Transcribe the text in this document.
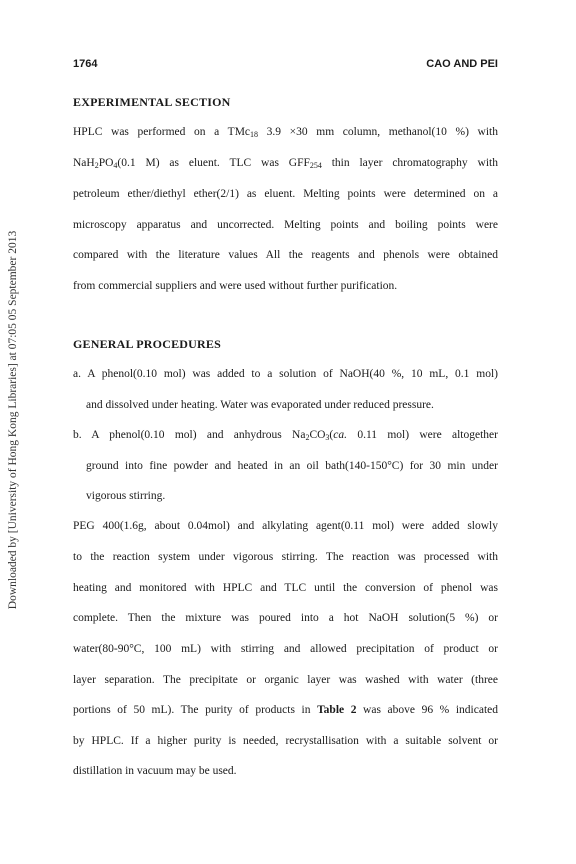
Downloaded by [University of Hong Kong Libraries] at 07:05 05 September 2013
1764	CAO AND PEI
EXPERIMENTAL SECTION
HPLC was performed on a TMc$_{18}$ 3.9 ×30 mm column, methanol(10 %) with
$NaH_2PO_4(0.1$ M) as eluent. TLC was $GFF_{254}$ thin layer chromatography with
petroleum ether/diethyl ether(2/1) as eluent. Melting points were determined on a
microscopy apparatus and uncorrected. Melting points and boiling points were
compared with the literature values All the reagents and phenols were obtained
from commercial suppliers and were used without further purification.
GENERAL PROCEDURES
a. A phenol(0.10 mol) was added to a solution of NaOH(40 %, 10 mL, 0.1 mol)
and dissolved under heating. Water was evaporated under reduced pressure.
b. A phenol(0.10 mol) and anhydrous $Na_2CO_3(ca$. 0.11 mol) were altogether
ground into fine powder and heated in an oil bath(140-150°C) for 30 min under
vigorous stirring.
PEG 400(1.6g, about 0.04mol) and alkylating agent(0.11 mol) were added slowly
to the reaction system under vigorous stirring. The reaction was processed with
heating and monitored with HPLC and TLC until the conversion of phenol was
complete. Then the mixture was poured into a hot NaOH solution(5 %) or
water(80-90°C, 100 mL) with stirring and allowed precipitation of product or
layer separation. The precipitate or organic layer was washed with water (three
portions of 50 mL). The purity of products in Table 2 was above 96 % indicated
by HPLC. If a higher purity is needed, recrystallisation with a suitable solvent or
distillation in vacuum may be used.
